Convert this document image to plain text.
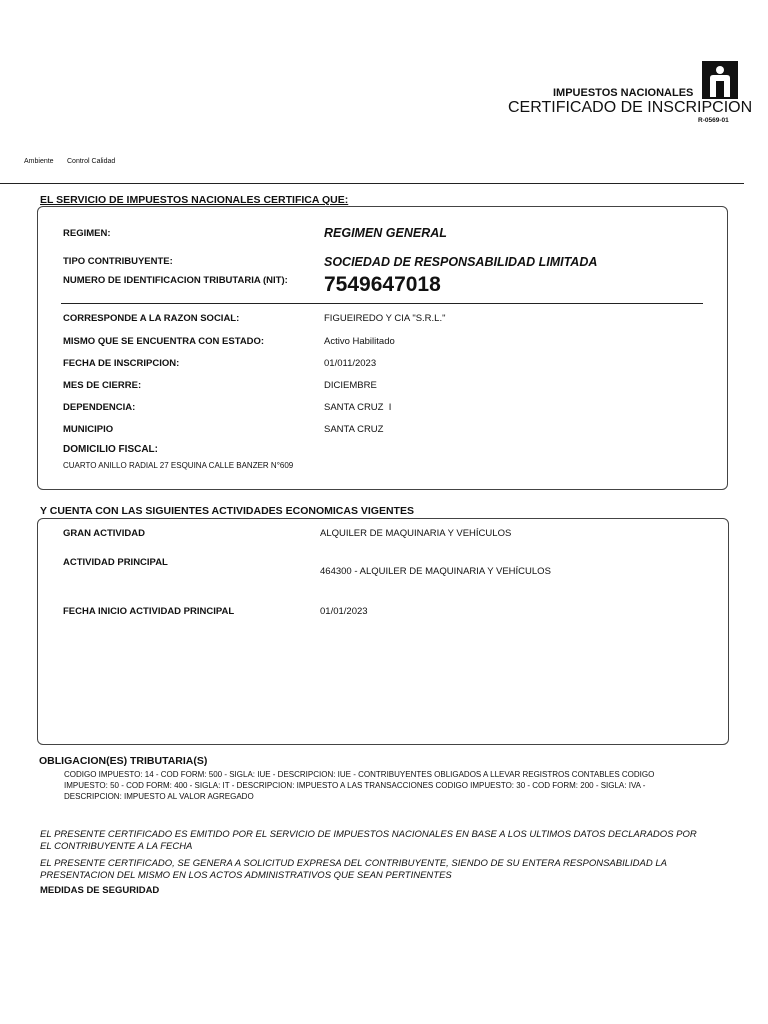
IMPUESTOS NACIONALES
CERTIFICADO DE INSCRIPCION
R-0569-01
Ambiente Control Calidad
EL SERVICIO DE IMPUESTOS NACIONALES CERTIFICA QUE:
REGIMEN:	REGIMEN GENERAL
TIPO CONTRIBUYENTE:	SOCIEDAD DE RESPONSABILIDAD LIMITADA
NUMERO DE IDENTIFICACION TRIBUTARIA (NIT): 7549647018
CORRESPONDE A LA RAZON SOCIAL:	FIGUEIREDO Y CIA "S.R.L."
MISMO QUE SE ENCUENTRA CON ESTADO:	Activo Habilitado
FECHA DE INSCRIPCION:	01/011/2023
MES DE CIERRE:	DICIEMBRE
DEPENDENCIA:	SANTA CRUZ  I
MUNICIPIO	SANTA CRUZ
DOMICILIO FISCAL:
CUARTO ANILLO RADIAL 27 ESQUINA CALLE BANZER N°609
Y CUENTA CON LAS SIGUIENTES ACTIVIDADES ECONOMICAS VIGENTES
GRAN ACTIVIDAD	ALQUILER DE MAQUINARIA Y VEHÍCULOS
ACTIVIDAD PRINCIPAL
464300 - ALQUILER DE MAQUINARIA Y VEHÍCULOS
FECHA INICIO ACTIVIDAD PRINCIPAL	01/01/2023
OBLIGACION(ES) TRIBUTARIA(S)
CODIGO IMPUESTO: 14 - COD FORM: 500 - SIGLA: IUE - DESCRIPCION: IUE - CONTRIBUYENTES OBLIGADOS A LLEVAR REGISTROS CONTABLES CODIGO
IMPUESTO: 50 - COD FORM: 400 - SIGLA: IT - DESCRIPCION: IMPUESTO A LAS TRANSACCIONES CODIGO IMPUESTO: 30 - COD FORM: 200 - SIGLA: IVA -
DESCRIPCION: IMPUESTO AL VALOR AGREGADO
EL PRESENTE CERTIFICADO ES EMITIDO POR EL SERVICIO DE IMPUESTOS NACIONALES EN BASE A LOS ULTIMOS DATOS DECLARADOS POR
EL CONTRIBUYENTE A LA FECHA
EL PRESENTE CERTIFICADO, SE GENERA A SOLICITUD EXPRESA DEL CONTRIBUYENTE, SIENDO DE SU ENTERA RESPONSABILIDAD LA
PRESENTACION DEL MISMO EN LOS ACTOS ADMINISTRATIVOS QUE SEAN PERTINENTES
MEDIDAS DE SEGURIDAD
